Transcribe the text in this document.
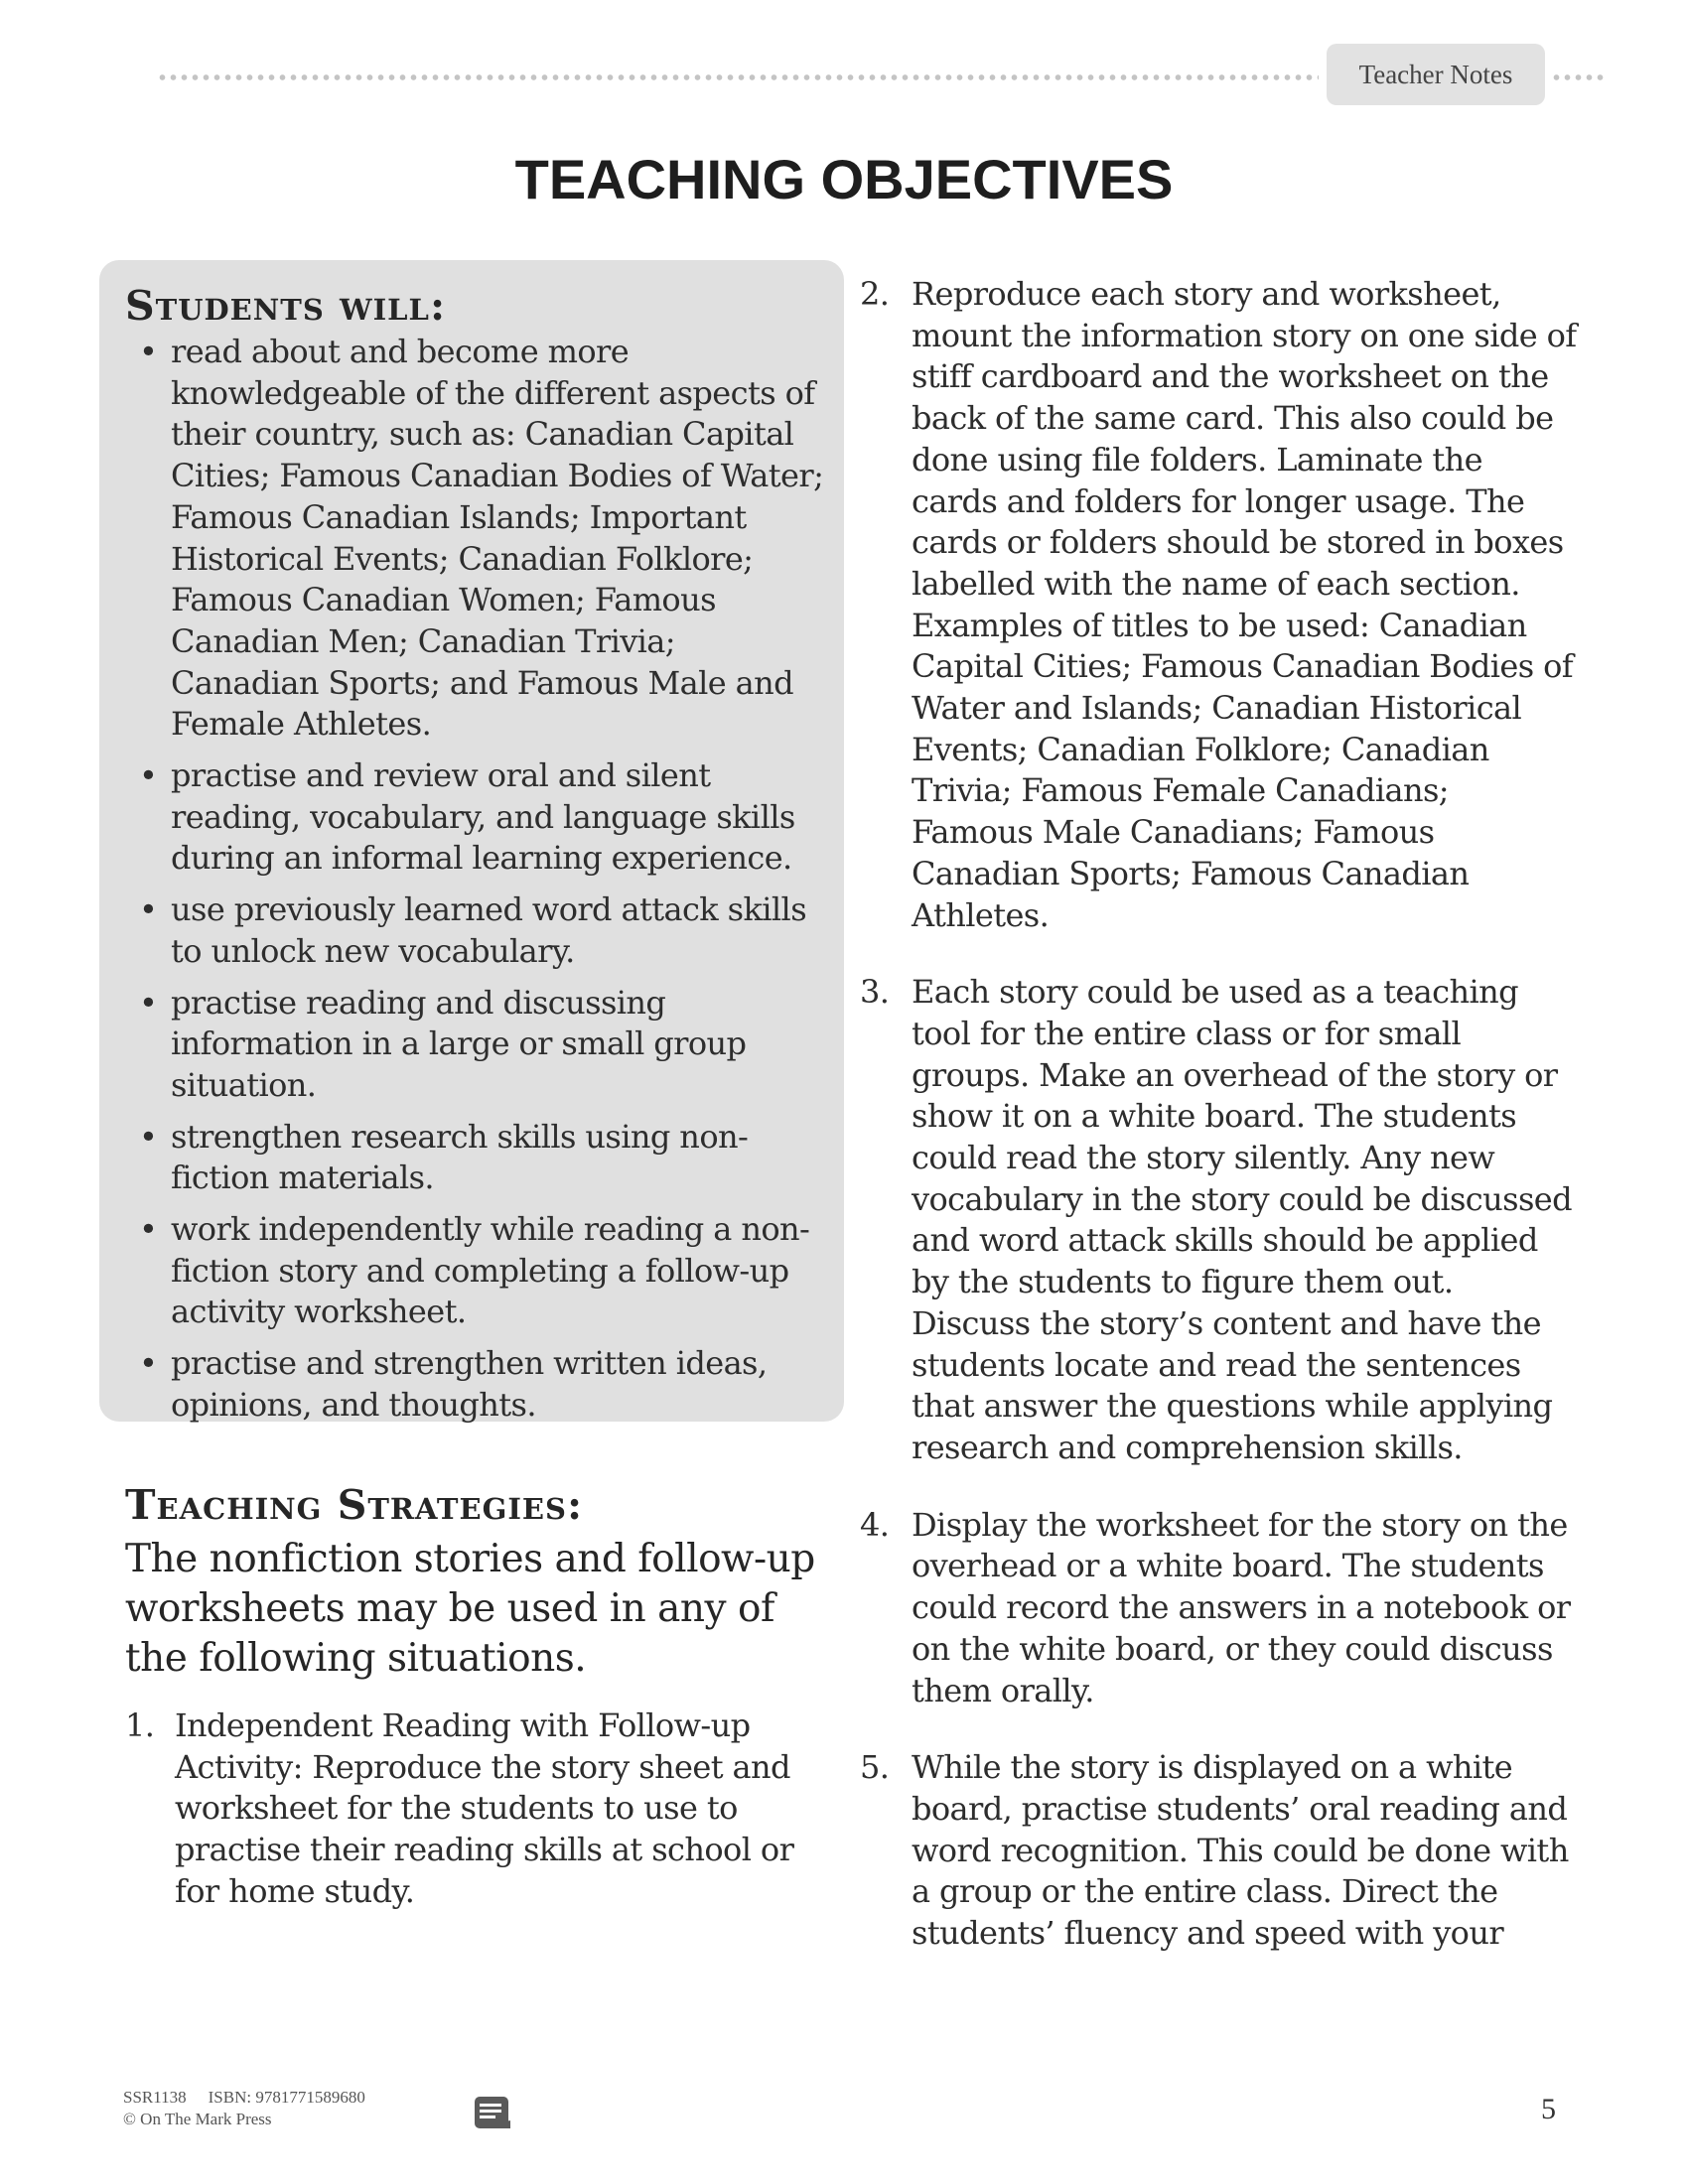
Teacher Notes
TEACHING OBJECTIVES
Students will:
• read about and become more knowledgeable of the different aspects of their country, such as: Canadian Capital Cities; Famous Canadian Bodies of Water; Famous Canadian Islands; Important Historical Events; Canadian Folklore; Famous Canadian Women; Famous Canadian Men; Canadian Trivia; Canadian Sports; and Famous Male and Female Athletes.
• practise and review oral and silent reading, vocabulary, and language skills during an informal learning experience.
• use previously learned word attack skills to unlock new vocabulary.
• practise reading and discussing information in a large or small group situation.
• strengthen research skills using non-fiction materials.
• work independently while reading a non-fiction story and completing a follow-up activity worksheet.
• practise and strengthen written ideas, opinions, and thoughts.
Teaching Strategies:

The nonfiction stories and follow-up worksheets may be used in any of the following situations.

1. Independent Reading with Follow-up Activity: Reproduce the story sheet and worksheet for the students to use to practise their reading skills at school or for home study.
2. Reproduce each story and worksheet, mount the information story on one side of stiff cardboard and the worksheet on the back of the same card. This also could be done using file folders. Laminate the cards and folders for longer usage. The cards or folders should be stored in boxes labelled with the name of each section. Examples of titles to be used: Canadian Capital Cities; Famous Canadian Bodies of Water and Islands; Canadian Historical Events; Canadian Folklore; Canadian Trivia; Famous Female Canadians; Famous Male Canadians; Famous Canadian Sports; Famous Canadian Athletes.
3. Each story could be used as a teaching tool for the entire class or for small groups. Make an overhead of the story or show it on a white board. The students could read the story silently. Any new vocabulary in the story could be discussed and word attack skills should be applied by the students to figure them out. Discuss the story’s content and have the students locate and read the sentences that answer the questions while applying research and comprehension skills.
4. Display the worksheet for the story on the overhead or a white board. The students could record the answers in a notebook or on the white board, or they could discuss them orally.
5. While the story is displayed on a white board, practise students’ oral reading and word recognition. This could be done with a group or the entire class. Direct the students’ fluency and speed with your
SSR1138 ISBN: 9781771589680
© On The Mark Press	5
